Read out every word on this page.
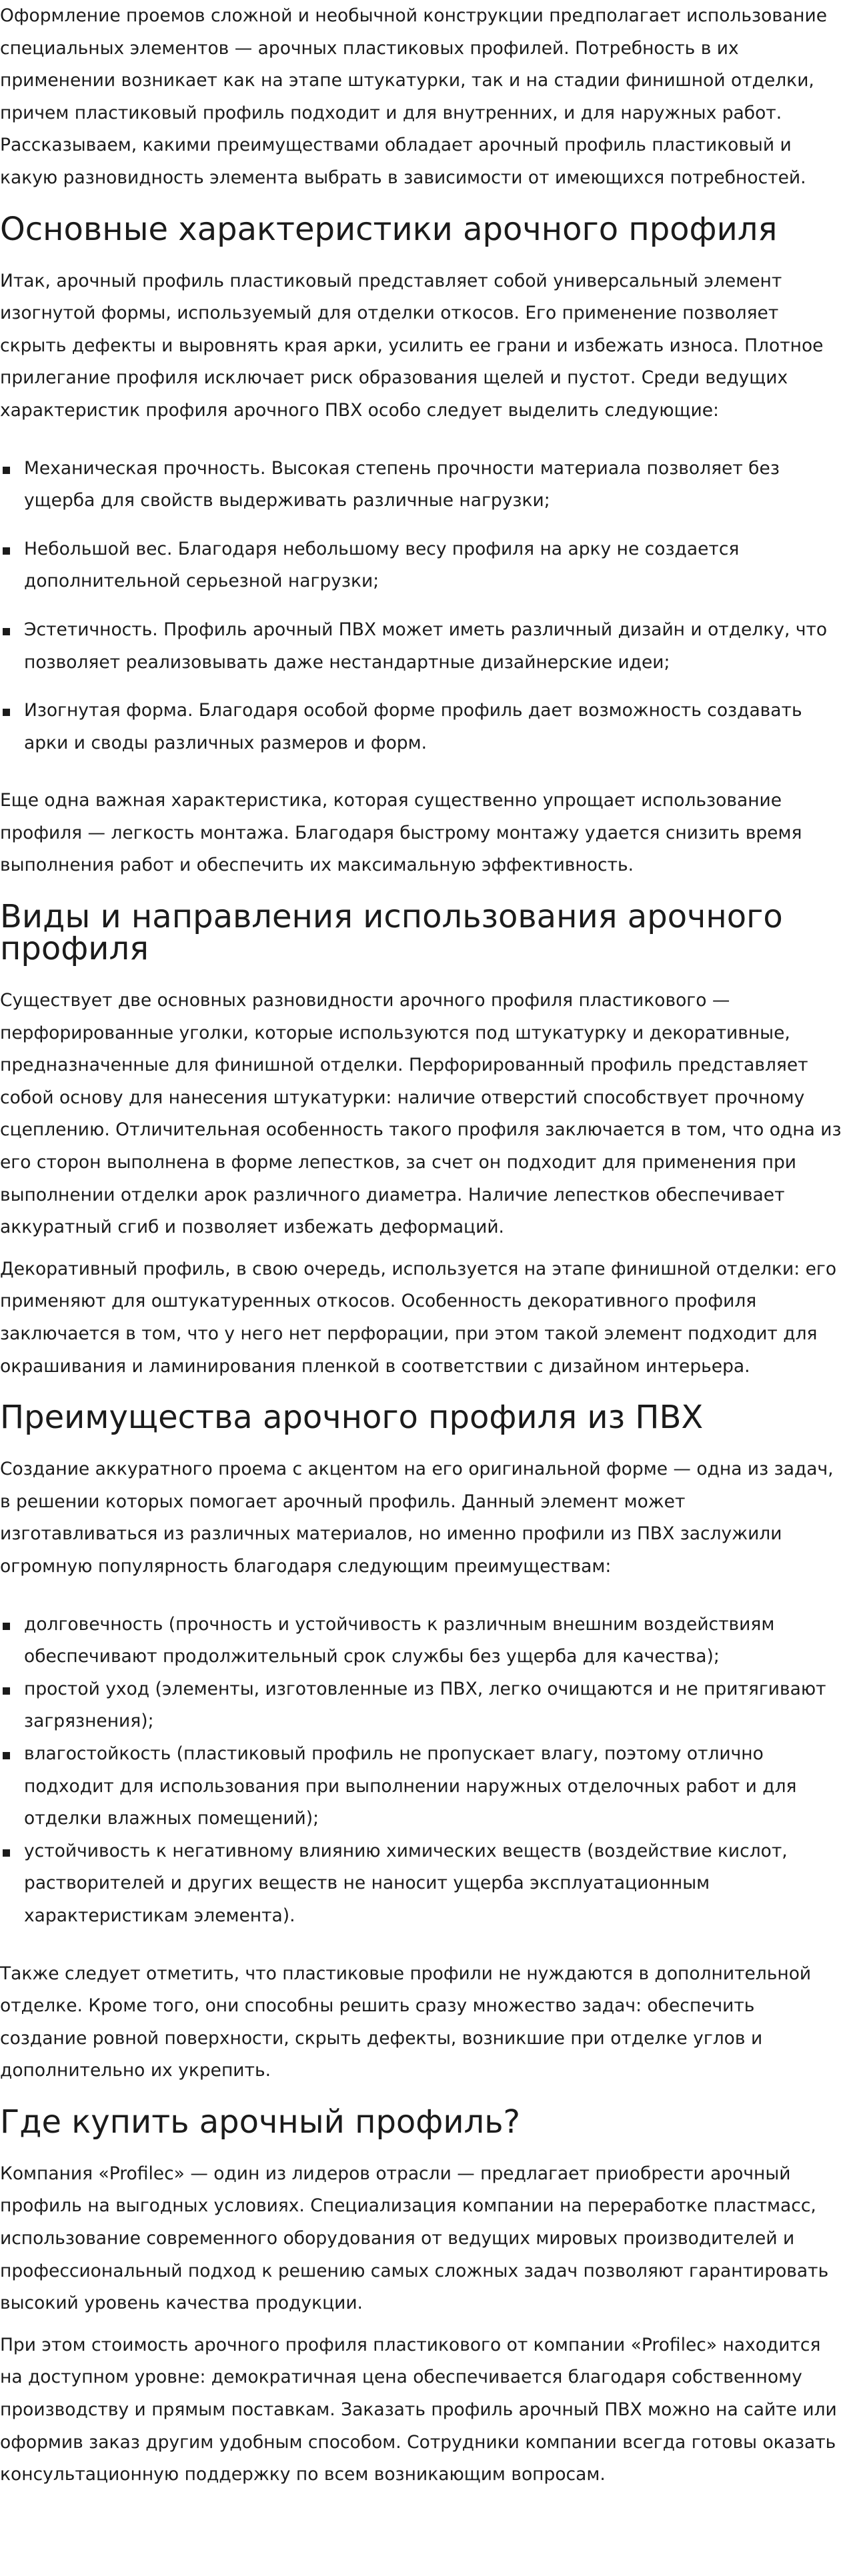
Оформление проемов сложной и необычной конструкции предполагает использование специальных элементов — арочных пластиковых профилей. Потребность в их применении возникает как на этапе штукатурки, так и на стадии финишной отделки, причем пластиковый профиль подходит и для внутренних, и для наружных работ. Рассказываем, какими преимуществами обладает арочный профиль пластиковый и какую разновидность элемента выбрать в зависимости от имеющихся потребностей.

Основные характеристики арочного профиля

Итак, арочный профиль пластиковый представляет собой универсальный элемент изогнутой формы, используемый для отделки откосов. Его применение позволяет скрыть дефекты и выровнять края арки, усилить ее грани и избежать износа. Плотное прилегание профиля исключает риск образования щелей и пустот. Среди ведущих характеристик профиля арочного ПВХ особо следует выделить следующие:

Механическая прочность. Высокая степень прочности материала позволяет без ущерба для свойств выдерживать различные нагрузки;
Небольшой вес. Благодаря небольшому весу профиля на арку не создается дополнительной серьезной нагрузки;
Эстетичность. Профиль арочный ПВХ может иметь различный дизайн и отделку, что позволяет реализовывать даже нестандартные дизайнерские идеи;
Изогнутая форма. Благодаря особой форме профиль дает возможность создавать арки и своды различных размеров и форм.

Еще одна важная характеристика, которая существенно упрощает использование профиля — легкость монтажа. Благодаря быстрому монтажу удается снизить время выполнения работ и обеспечить их максимальную эффективность.

Виды и направления использования арочного профиля

Существует две основных разновидности арочного профиля пластикового — перфорированные уголки, которые используются под штукатурку и декоративные, предназначенные для финишной отделки. Перфорированный профиль представляет собой основу для нанесения штукатурки: наличие отверстий способствует прочному сцеплению. Отличительная особенность такого профиля заключается в том, что одна из его сторон выполнена в форме лепестков, за счет он подходит для применения при выполнении отделки арок различного диаметра. Наличие лепестков обеспечивает аккуратный сгиб и позволяет избежать деформаций.

Декоративный профиль, в свою очередь, используется на этапе финишной отделки: его применяют для оштукатуренных откосов. Особенность декоративного профиля заключается в том, что у него нет перфорации, при этом такой элемент подходит для окрашивания и ламинирования пленкой в соответствии с дизайном интерьера.

Преимущества арочного профиля из ПВХ

Создание аккуратного проема с акцентом на его оригинальной форме — одна из задач, в решении которых помогает арочный профиль. Данный элемент может изготавливаться из различных материалов, но именно профили из ПВХ заслужили огромную популярность благодаря следующим преимуществам:

долговечность (прочность и устойчивость к различным внешним воздействиям обеспечивают продолжительный срок службы без ущерба для качества);
простой уход (элементы, изготовленные из ПВХ, легко очищаются и не притягивают загрязнения);
влагостойкость (пластиковый профиль не пропускает влагу, поэтому отлично подходит для использования при выполнении наружных отделочных работ и для отделки влажных помещений);
устойчивость к негативному влиянию химических веществ (воздействие кислот, растворителей и других веществ не наносит ущерба эксплуатационным характеристикам элемента).

Также следует отметить, что пластиковые профили не нуждаются в дополнительной отделке. Кроме того, они способны решить сразу множество задач: обеспечить создание ровной поверхности, скрыть дефекты, возникшие при отделке углов и дополнительно их укрепить.

Где купить арочный профиль?

Компания «Profilec» — один из лидеров отрасли — предлагает приобрести арочный профиль на выгодных условиях. Специализация компании на переработке пластмасс, использование современного оборудования от ведущих мировых производителей и профессиональный подход к решению самых сложных задач позволяют гарантировать высокий уровень качества продукции.

При этом стоимость арочного профиля пластикового от компании «Profilec» находится на доступном уровне: демократичная цена обеспечивается благодаря собственному производству и прямым поставкам. Заказать профиль арочный ПВХ можно на сайте или оформив заказ другим удобным способом. Сотрудники компании всегда готовы оказать консультационную поддержку по всем возникающим вопросам.
